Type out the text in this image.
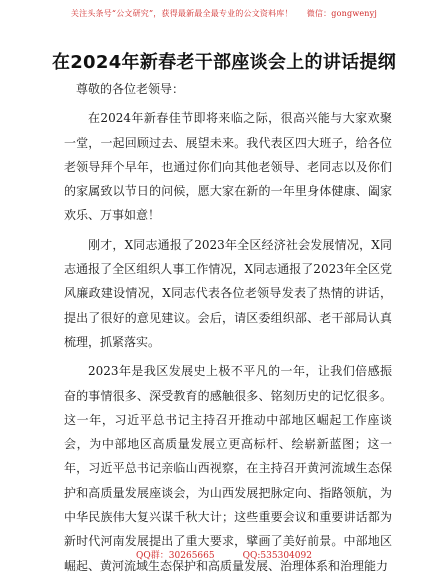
关注头条号“公文研究”，获得最新最全最专业的公文资料库！ 微信：gongwenyj
在2024年新春老干部座谈会上的讲话提纲

尊敬的各位老领导：

在2024年新春佳节即将来临之际，很高兴能与大家欢聚一堂，一起回顾过去、展望未来。我代表区四大班子，给各位老领导拜个早年，也通过你们向其他老领导、老同志以及你们的家属致以节日的问候，愿大家在新的一年里身体健康、阖家欢乐、万事如意！

刚才，X同志通报了2023年全区经济社会发展情况，X同志通报了全区组织人事工作情况，X同志通报了2023年全区党风廉政建设情况，X同志代表各位老领导发表了热情的讲话，提出了很好的意见建议。会后，请区委组织部、老干部局认真梳理，抓紧落实。

2023年是我区发展史上极不平凡的一年，让我们倍感振奋的事情很多、深受教育的感触很多、铭刻历史的记忆很多。这一年，习近平总书记主持召开推动中部地区崛起工作座谈会，为中部地区高质量发展立更高标杆、绘崭新蓝图；这一年，习近平总书记亲临山西视察，在主持召开黄河流域生态保护和高质量发展座谈会，为山西发展把脉定向、指路领航，为中华民族伟大复兴谋千秋大计；这些重要会议和重要讲话都为新时代河南发展提出了重大要求，擘画了美好前景。中部地区崛起、黄河流域生态保护和高质量发展、治理体系和治理能力

QQ群：30265665	QQ:535304092
